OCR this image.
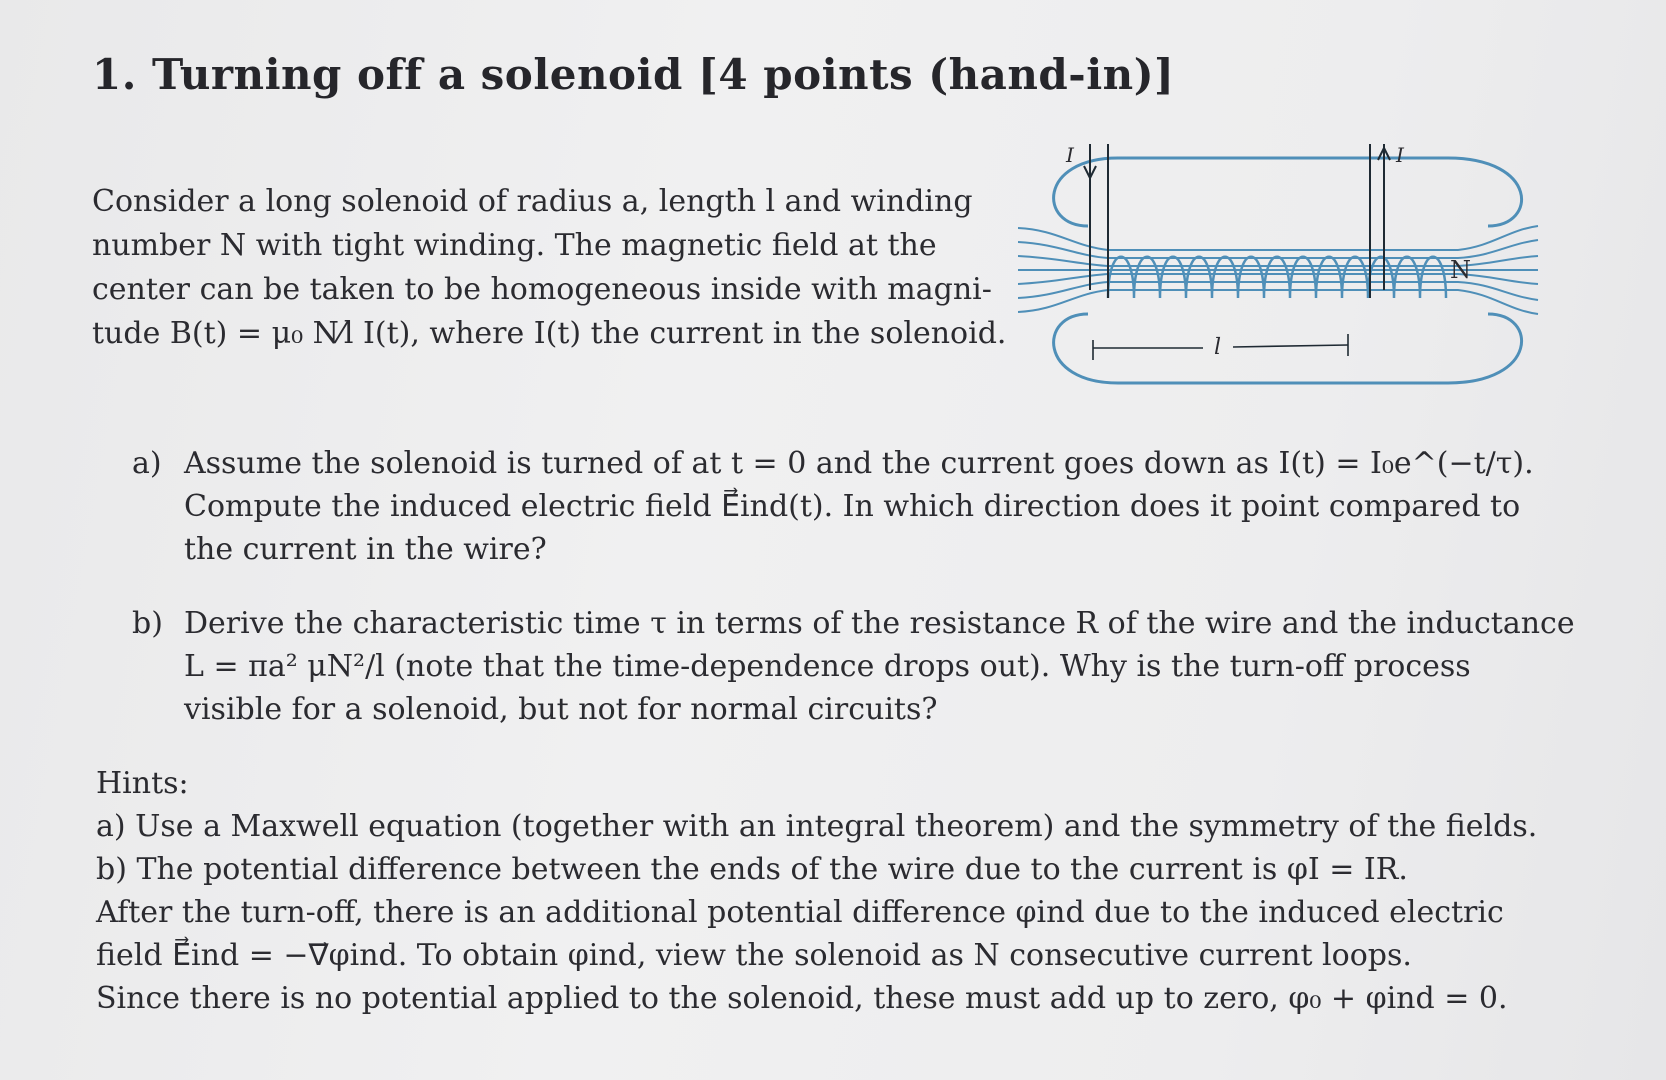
1. Turning off a solenoid [4 points (hand-in)]
Consider a long solenoid of radius a, length l and winding
number N with tight winding. The magnetic field at the
center can be taken to be homogeneous inside with magni-
tude B(t) = μ₀ N⁄l I(t), where I(t) the current in the solenoid.
N
l
I	I
a) Assume the solenoid is turned of at t = 0 and the current goes down as I(t) = I₀e^(−t/τ).
Compute the induced electric field E⃗ind(t). In which direction does it point compared to
the current in the wire?
b) Derive the characteristic time τ in terms of the resistance R of the wire and the inductance
L = πa² μN²/l (note that the time-dependence drops out). Why is the turn-off process
visible for a solenoid, but not for normal circuits?
Hints:
a) Use a Maxwell equation (together with an integral theorem) and the symmetry of the fields.
b) The potential difference between the ends of the wire due to the current is φI = IR.
After the turn-off, there is an additional potential difference φind due to the induced electric
field E⃗ind = −∇⃗φind. To obtain φind, view the solenoid as N consecutive current loops.
Since there is no potential applied to the solenoid, these must add up to zero, φ₀ + φind = 0.
